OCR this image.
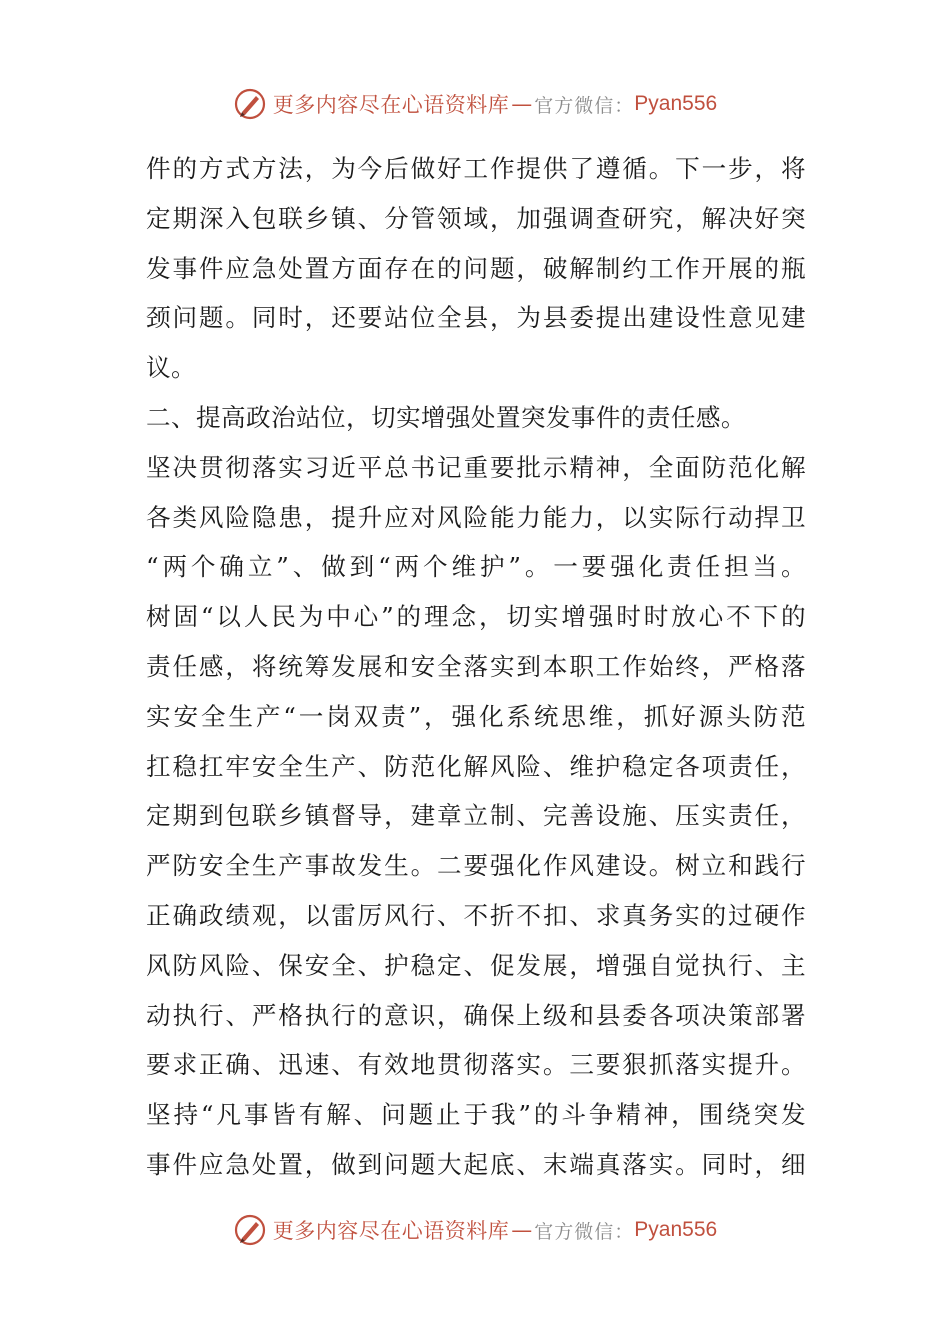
更多内容尽在心语资料库 — 官方微信： Pyan556
件的方式方法，为今后做好工作提供了遵循。下一步，将
定期深入包联乡镇、分管领域，加强调查研究，解决好突
发事件应急处置方面存在的问题，破解制约工作开展的瓶
颈问题。同时，还要站位全县，为县委提出建设性意见建
议。
二、提高政治站位，切实增强处置突发事件的责任感。
坚决贯彻落实习近平总书记重要批示精神，全面防范化解
各类风险隐患，提升应对风险能力能力，以实际行动捍卫
“两个确立”、做到“两个维护”。一要强化责任担当。
树固“以人民为中心”的理念，切实增强时时放心不下的
责任感，将统筹发展和安全落实到本职工作始终，严格落
实安全生产“一岗双责”，强化系统思维，抓好源头防范
扛稳扛牢安全生产、防范化解风险、维护稳定各项责任，
定期到包联乡镇督导，建章立制、完善设施、压实责任，
严防安全生产事故发生。二要强化作风建设。树立和践行
正确政绩观，以雷厉风行、不折不扣、求真务实的过硬作
风防风险、保安全、护稳定、促发展，增强自觉执行、主
动执行、严格执行的意识，确保上级和县委各项决策部署
要求正确、迅速、有效地贯彻落实。三要狠抓落实提升。
坚持“凡事皆有解、问题止于我”的斗争精神，围绕突发
事件应急处置，做到问题大起底、末端真落实。同时，细
更多内容尽在心语资料库 — 官方微信： Pyan556
